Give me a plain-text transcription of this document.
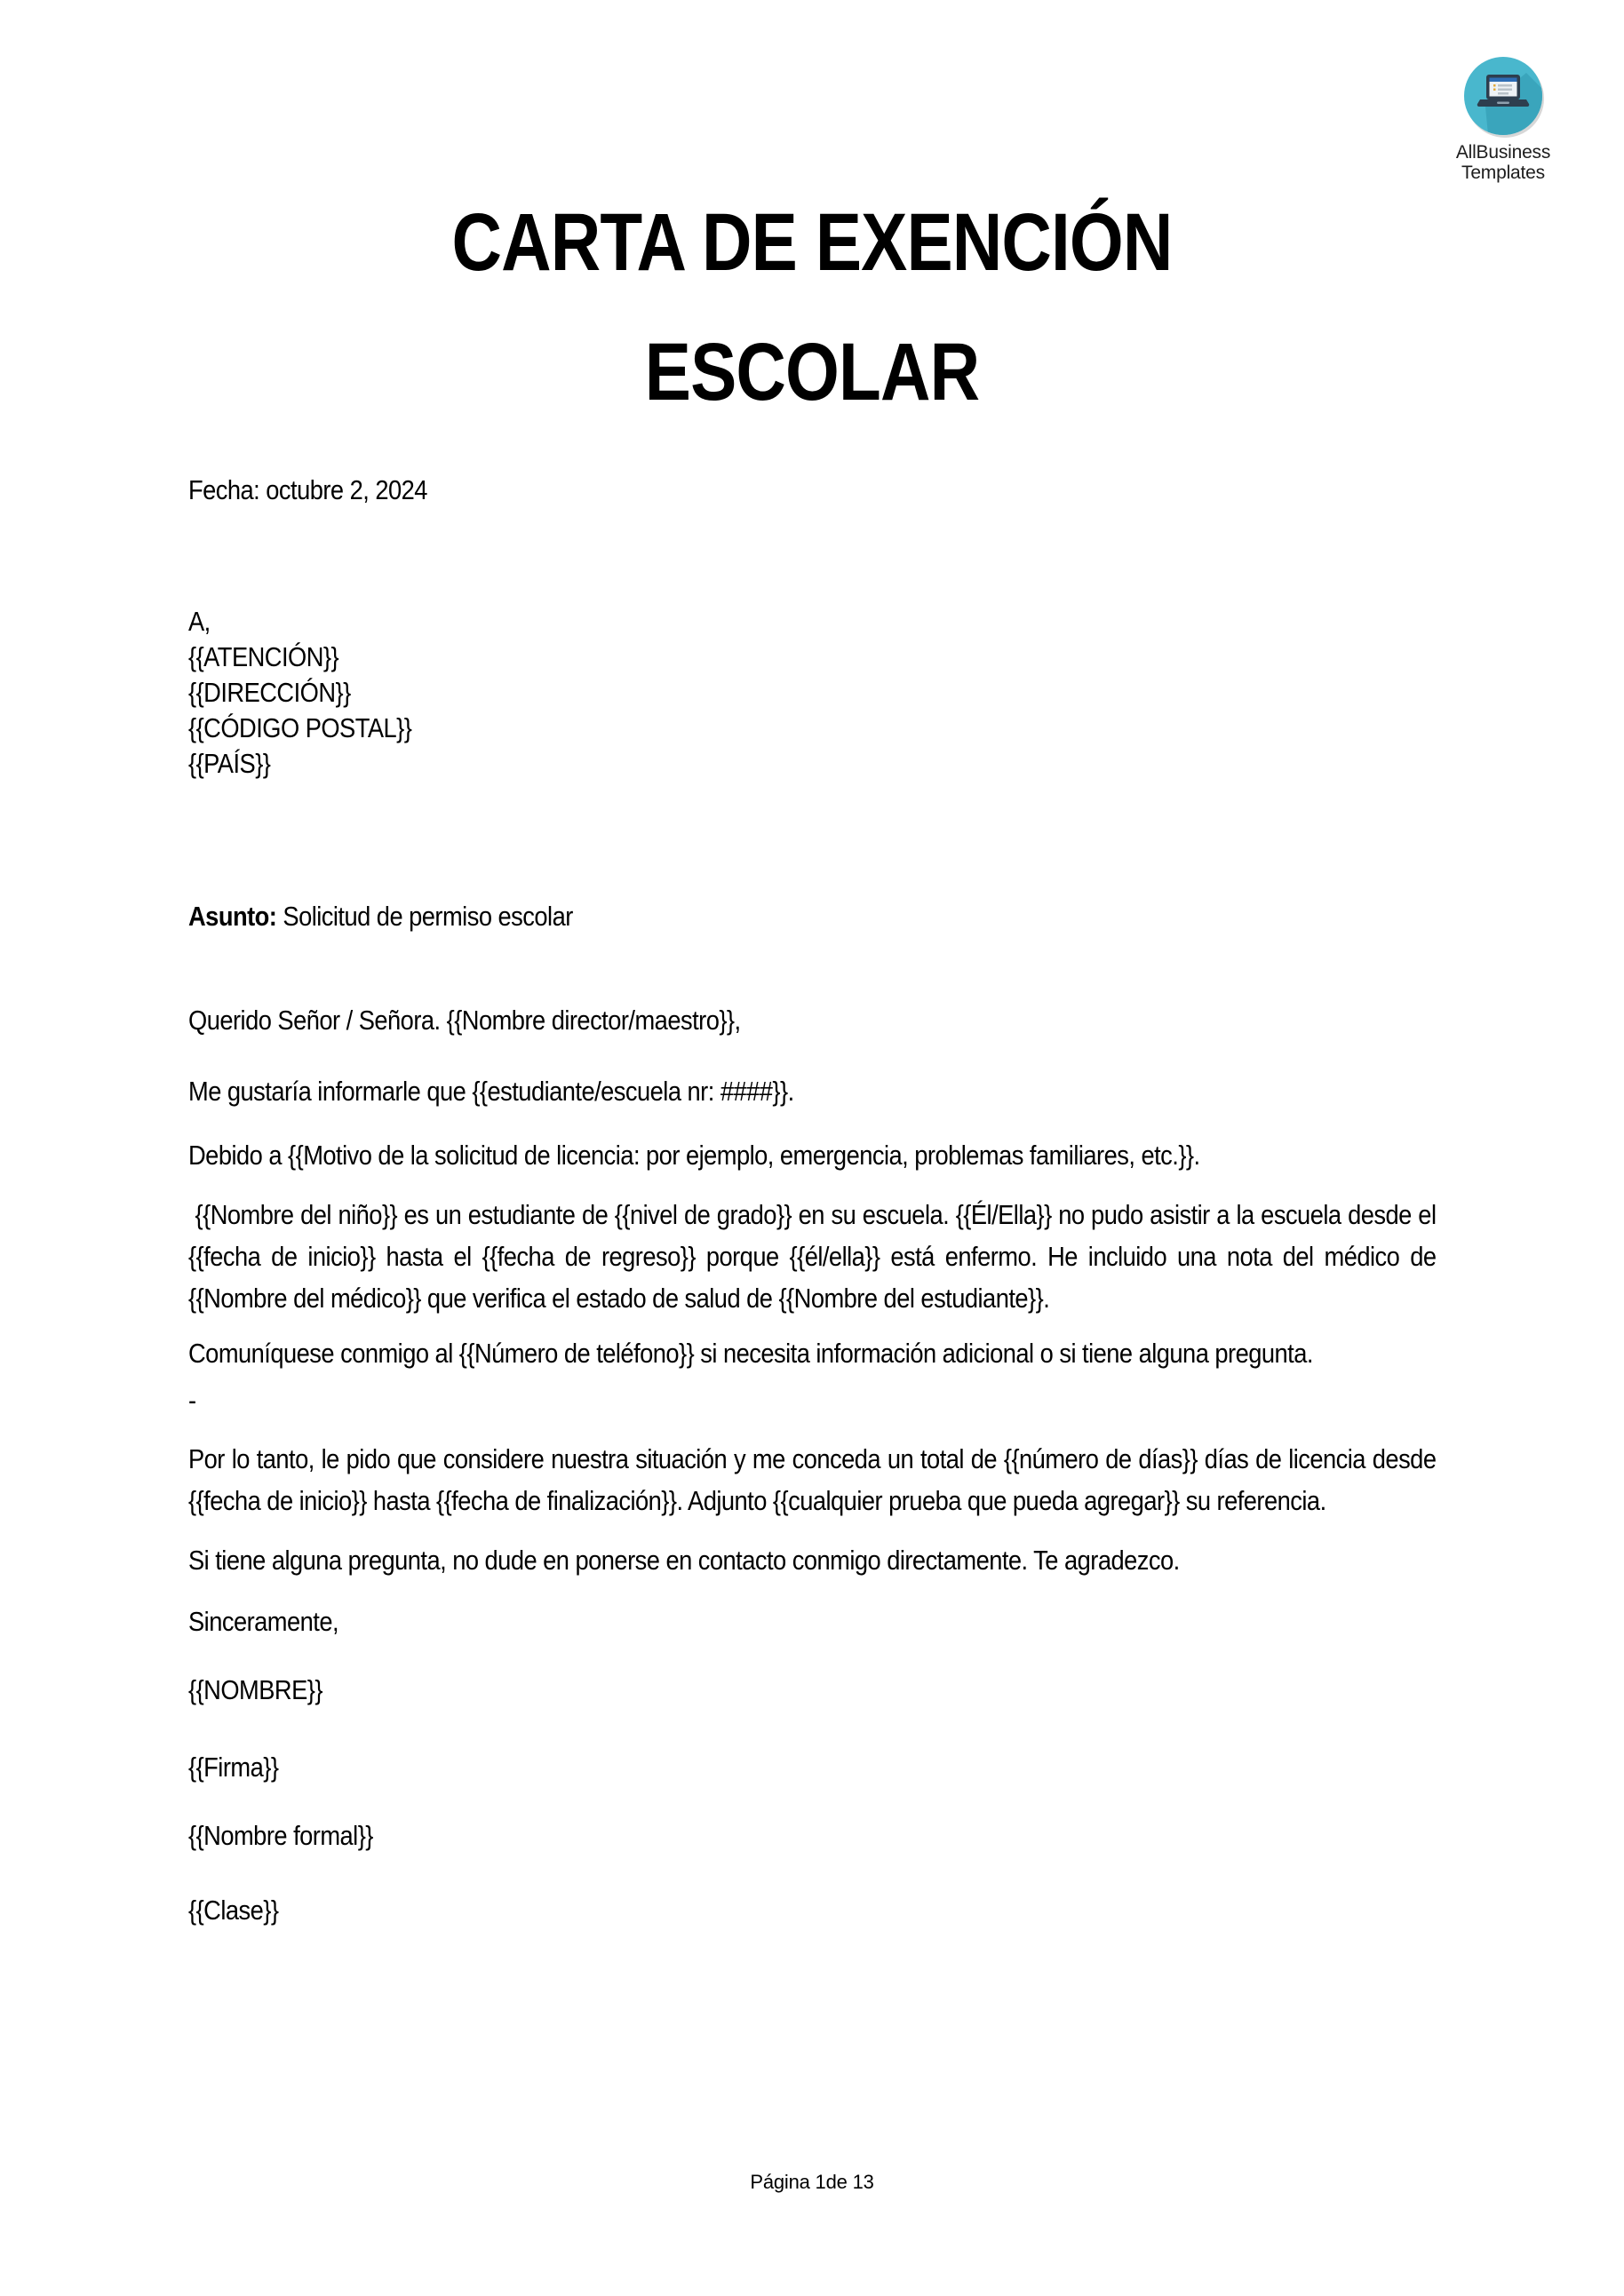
AllBusiness
Templates
CARTA DE EXENCIÓN
ESCOLAR

Fecha: octubre 2, 2024

A,

{{ATENCIÓN}}

{{DIRECCIÓN}}

{{CÓDIGO POSTAL}}

{{PAÍS}}

Asunto: Solicitud de permiso escolar

Querido Señor / Señora. {{Nombre director/maestro}},

Me gustaría informarle que {{estudiante/escuela nr: ####}}.

Debido a {{Motivo de la solicitud de licencia: por ejemplo, emergencia, problemas familiares, etc.}}.

{{Nombre del niño}} es un estudiante de {{nivel de grado}} en su escuela. {{Él/Ella}} no pudo asistir a la escuela desde el {{fecha de inicio}} hasta el {{fecha de regreso}} porque {{él/ella}} está enfermo. He incluido una nota del médico de {{Nombre del médico}} que verifica el estado de salud de {{Nombre del estudiante}}.

Comuníquese conmigo al {{Número de teléfono}} si necesita información adicional o si tiene alguna pregunta.

-

Por lo tanto, le pido que considere nuestra situación y me conceda un total de {{número de días}} días de licencia desde {{fecha de inicio}} hasta {{fecha de finalización}}. Adjunto {{cualquier prueba que pueda agregar}} su referencia.

Si tiene alguna pregunta, no dude en ponerse en contacto conmigo directamente. Te agradezco.

Sinceramente,

{{NOMBRE}}

{{Firma}}

{{Nombre formal}}

{{Clase}}

Página 1de 13
